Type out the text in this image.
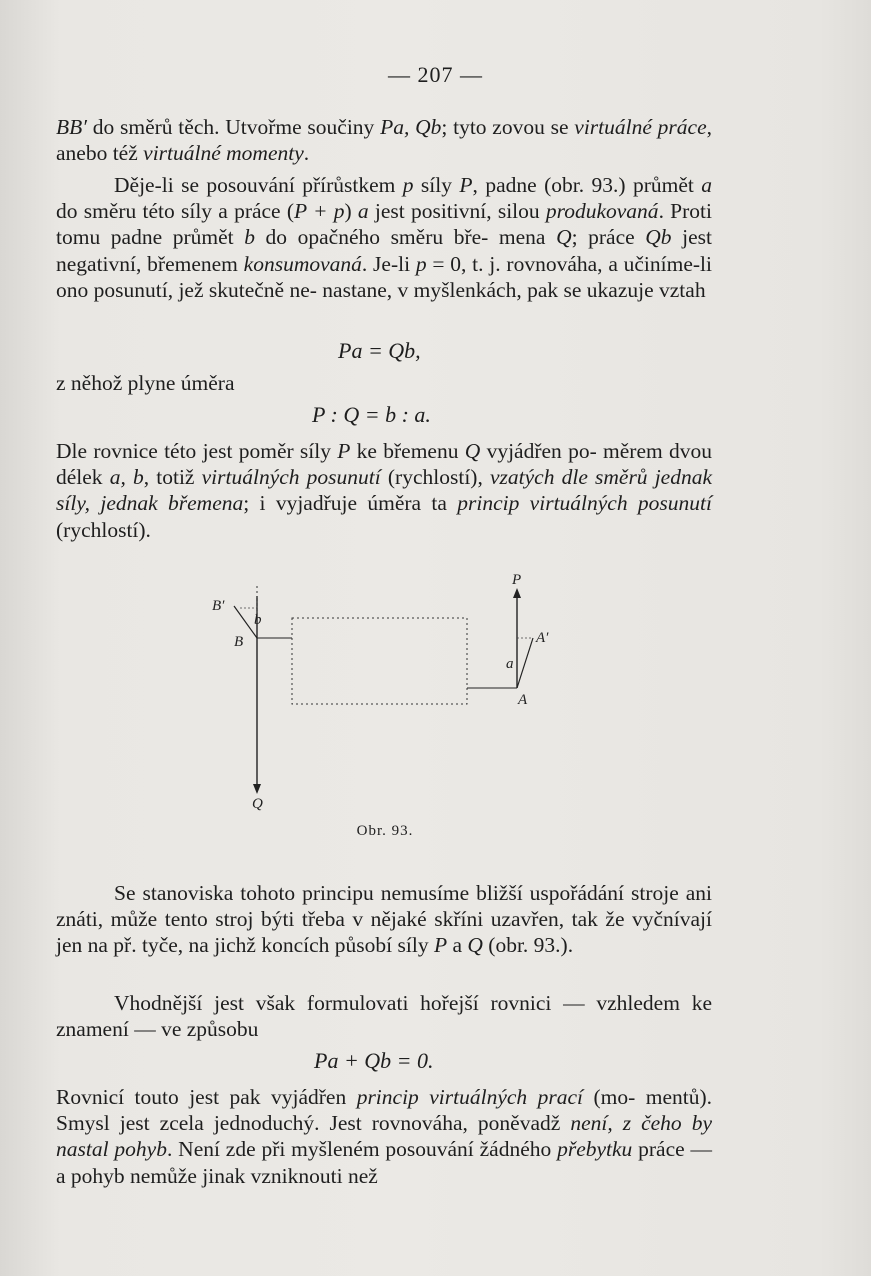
— 207 —

BB′ do směrů těch. Utvořme součiny Pa, Qb; tyto zovou se virtuálné práce, anebo též virtuálné momenty.

Děje-li se posouvání přírůstkem p síly P, padne (obr. 93.) průmět a do směru této síly a práce (P + p) a jest positivní, silou produkovaná. Proti tomu padne průmět b do opačného směru bře- mena Q; práce Qb jest negativní, břemenem konsumovaná. Je-li p = 0, t. j. rovnováha, a učiníme-li ono posunutí, jež skutečně ne- nastane, v myšlenkách, pak se ukazuje vztah

Pa = Qb,
z něhož plyne úměra
P : Q = b : a.

Dle rovnice této jest poměr síly P ke břemenu Q vyjádřen po- měrem dvou délek a, b, totiž virtuálných posunutí (rychlostí), vzatých dle směrů jednak síly, jednak břemena; i vyjadřuje úměra ta princip virtuálných posunutí (rychlostí).

B′
b
B
Q
P
A′
a
A
Obr. 93.

Se stanoviska tohoto principu nemusíme bližší uspořádání stroje ani znáti, může tento stroj býti třeba v nějaké skříni uzavřen, tak že vyčnívají jen na př. tyče, na jichž koncích působí síly P a Q (obr. 93.).

Vhodnější jest však formulovati hořejší rovnici — vzhledem ke znamení — ve způsobu

Pa + Qb = 0.

Rovnicí touto jest pak vyjádřen princip virtuálných prací (mo- mentů). Smysl jest zcela jednoduchý. Jest rovnováha, poněvadž není, z čeho by nastal pohyb. Není zde při myšleném posouvání žádného přebytku práce — a pohyb nemůže jinak vzniknouti než
